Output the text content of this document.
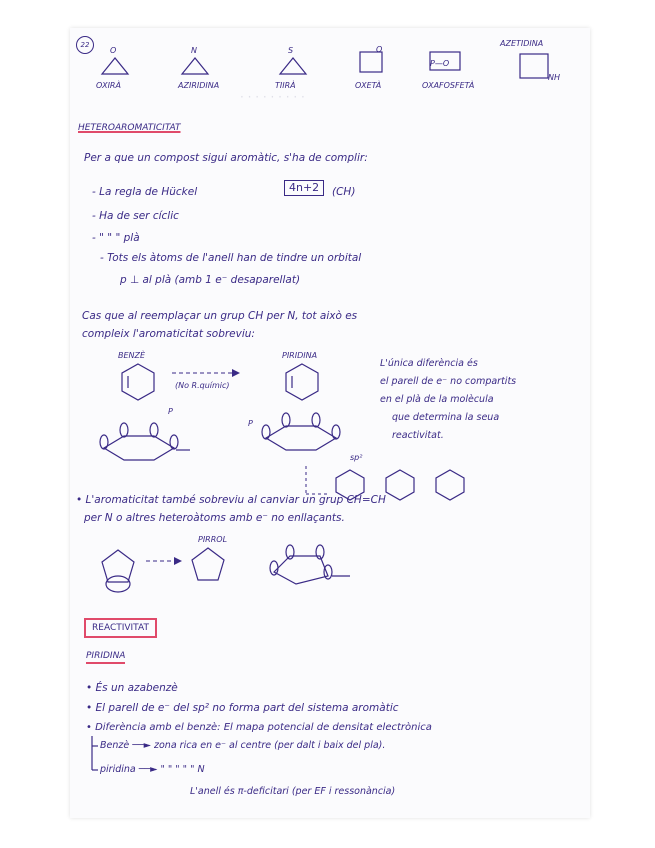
· · · · · · · · ·
22
O
OXIRÀ
N
AZIRIDINA
S
TIIRÀ
O
OXETÀ
P—O
OXAFOSFETÀ
AZETIDINA
NH
HETEROAROMATICITAT
Per a que un compost sigui aromàtic, s'ha de complir:
- La regla de Hückel	4n+2	(CH)
- Ha de ser cíclic
- " " " plà
- Tots els àtoms de l'anell han de tindre un orbital
p ⊥ al plà (amb 1 e⁻ desaparellat)
Cas que al reemplaçar un grup CH per N, tot això es
compleix l'aromaticitat sobreviu:
BENZÈ
(No R.químic)
PIRIDINA
L'única diferència és
el parell de e⁻ no compartits
en el plà de la molècula
que determina la seua
reactivitat.
P
P
sp²
• L'aromaticitat també sobreviu al canviar un grup CH=CH
per N o altres heteroàtoms amb e⁻ no enllaçants.
PIRROL
REACTIVITAT
PIRIDINA
• És un azabenzè
• El parell de e⁻ del sp² no forma part del sistema aromàtic
• Diferència amb el benzè: El mapa potencial de densitat electrònica
Benzè ──► zona rica en e⁻ al centre (per dalt i baix del pla).
piridina ──► " " " " " N
L'anell és π-deficitari (per EF i ressonància)
